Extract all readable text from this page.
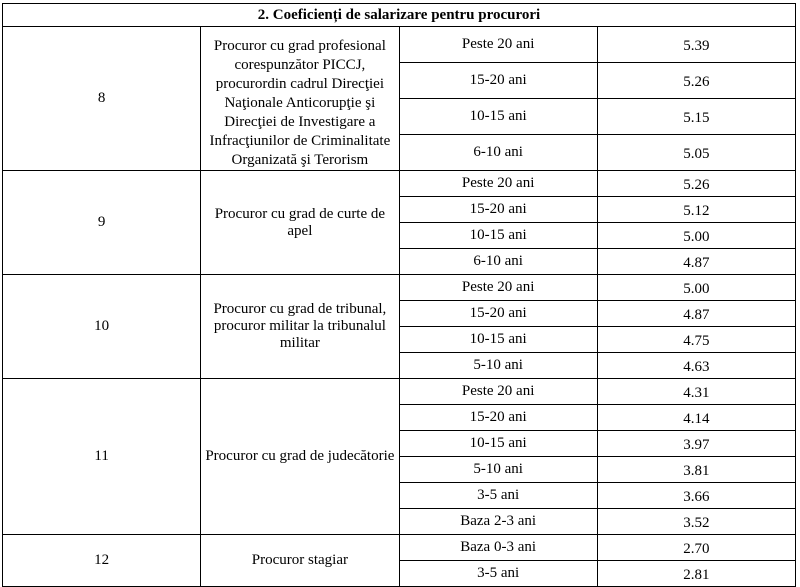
2. Coeficienți de salarizare pentru procurori			
8	Procuror cu grad profesional corespunzător PICCJ, procurordin cadrul Direcţiei Naţionale Anticorupţie şi Direcţiei de Investigare a Infracţiunilor de Criminalitate Organizată şi Terorism	Peste 20 ani	5.39
		15-20 ani	5.26
		10-15 ani	5.15
		6-10 ani	5.05
9	Procuror cu grad de curte de apel	Peste 20 ani	5.26
		15-20 ani	5.12
		10-15 ani	5.00
		6-10 ani	4.87
10	Procuror cu grad de tribunal, procuror militar la tribunalul militar	Peste 20 ani	5.00
		15-20 ani	4.87
		10-15 ani	4.75
		5-10 ani	4.63
11	Procuror cu grad de judecătorie	Peste 20 ani	4.31
		15-20 ani	4.14
		10-15 ani	3.97
		5-10 ani	3.81
		3-5 ani	3.66
		Baza 2-3 ani	3.52
12	Procuror stagiar	Baza 0-3 ani	2.70
		3-5 ani	2.81
